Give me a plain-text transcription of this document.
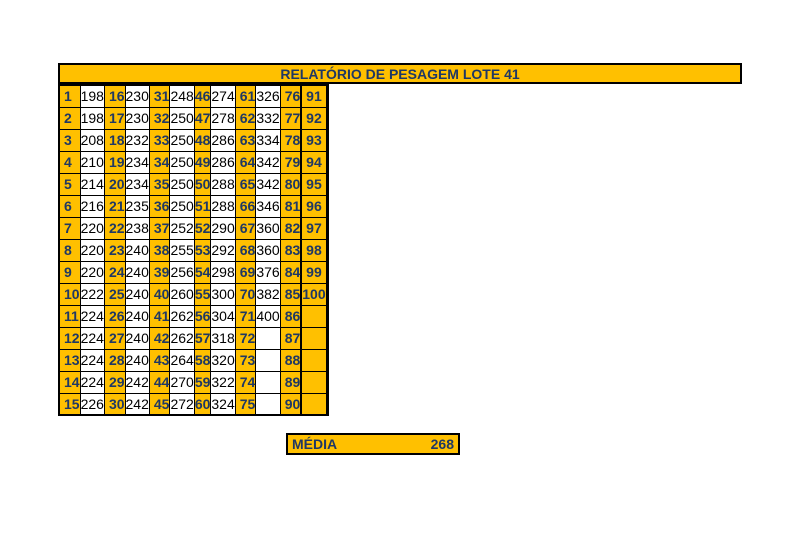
RELATÓRIO DE PESAGEM LOTE 41
1	198	16	230	31	248	46	274	61	326	76		91	
2	198	17	230	32	250	47	278	62	332	77		92	
3	208	18	232	33	250	48	286	63	334	78		93	
4	210	19	234	34	250	49	286	64	342	79		94	
5	214	20	234	35	250	50	288	65	342	80		95	
6	216	21	235	36	250	51	288	66	346	81		96	
7	220	22	238	37	252	52	290	67	360	82		97	
8	220	23	240	38	255	53	292	68	360	83		98	
9	220	24	240	39	256	54	298	69	376	84		99	
10	222	25	240	40	260	55	300	70	382	85		100	
11	224	26	240	41	262	56	304	71	400	86			
12	224	27	240	42	262	57	318	72		87			
13	224	28	240	43	264	58	320	73		88			
14	224	29	242	44	270	59	322	74		89			
15	226	30	242	45	272	60	324	75		90			
MÉDIA	268
